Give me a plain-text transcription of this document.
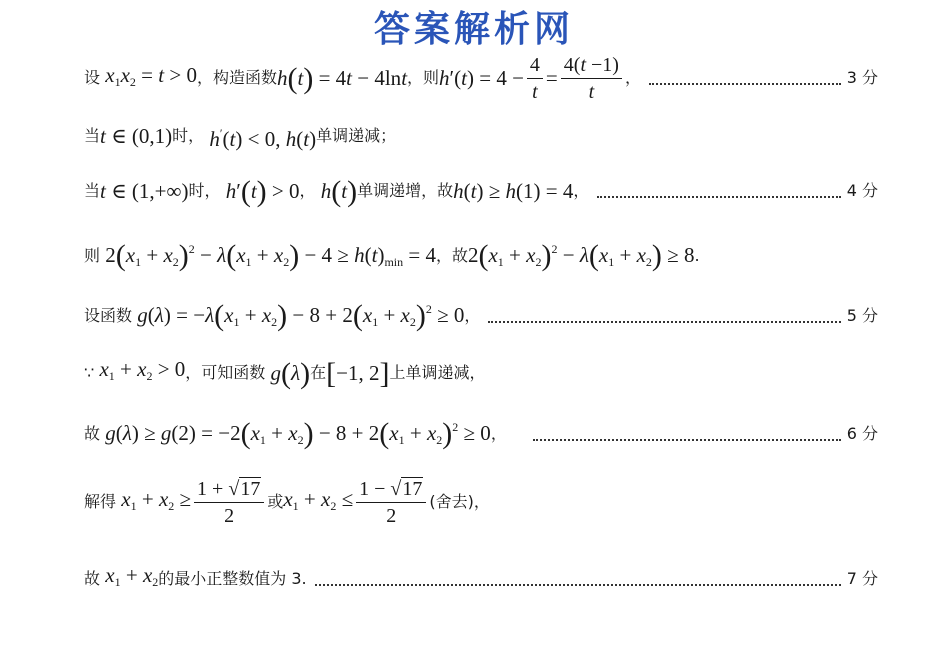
答案解析网
设 $x_1x_2 = t > 0$ ，构造函数 h(t) = 4t − 4lnt ，则 $h'(t) = 4 - \frac{4}{t} = \frac{4(t -1)}{t}$ ，	3 分
当 t ∈ (0,1) 时， h′(t) < 0, h(t) 单调递减；
当 t ∈ (1,+∞) 时， h′(t) > 0 ， h(t) 单调递增，故 h(t) ≥ h(1) = 4 ，	4 分
则 $2(x_1 + x_2)^2 - \lambda(x_1 + x_2) - 4 \ge h(t)_{min} = 4$ ，故 $2(x_1 + x_2)^2 - \lambda(x_1 + x_2) \ge 8$ .
设函数 $g(\lambda) = -\lambda(x_1 + x_2) - 8 + 2(x_1 + x_2)^2 \ge 0$ ，	5 分
∵ $x_1 + x_2 > 0$ ，可知函数 g(λ) 在 [−1, 2] 上单调递减，
故 $g(\lambda) \ge g(2) = -2(x_1 + x_2) - 8 + 2(x_1 + x_2)^2 \ge 0$ ，	6 分
解得 $x_1 + x_2 \ge \frac{1 + √17}{2}$ 或 $x_1 + x_2 \le \frac{1 - √17}{2}$ (舍去)，
故 $x_1 + x_2$ 的最小正整数值为 3.	7 分
